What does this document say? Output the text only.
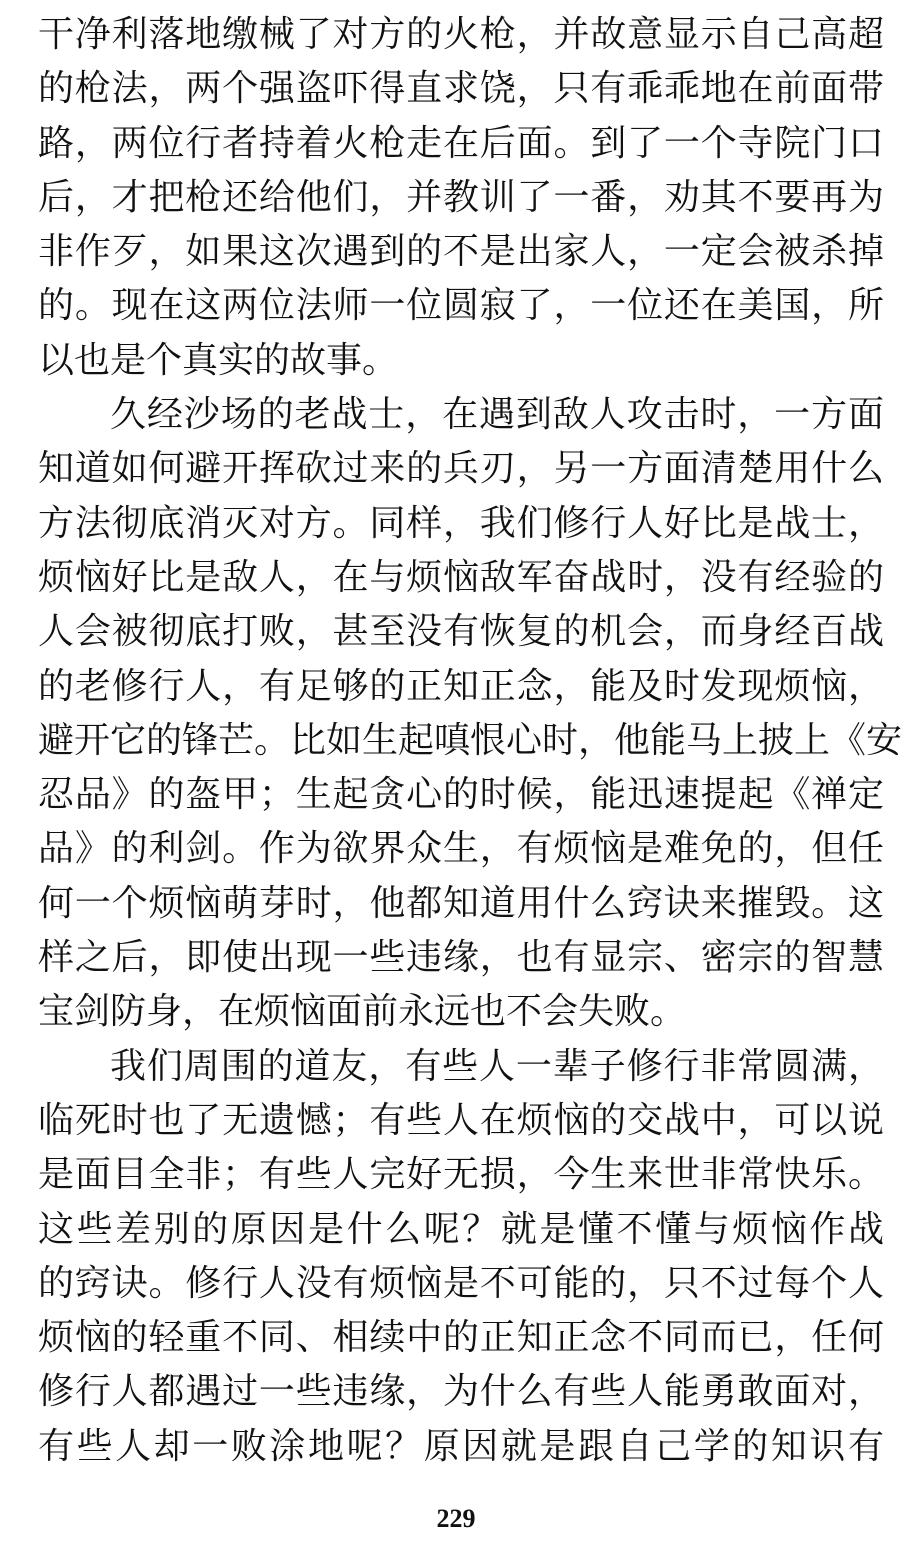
干净利落地缴械了对方的火枪，并故意显示自己高超
的枪法，两个强盗吓得直求饶，只有乖乖地在前面带
路，两位行者持着火枪走在后面。到了一个寺院门口
后，才把枪还给他们，并教训了一番，劝其不要再为
非作歹，如果这次遇到的不是出家人，一定会被杀掉
的。现在这两位法师一位圆寂了，一位还在美国，所
以也是个真实的故事。
久经沙场的老战士，在遇到敌人攻击时，一方面
知道如何避开挥砍过来的兵刃，另一方面清楚用什么
方法彻底消灭对方。同样，我们修行人好比是战士，
烦恼好比是敌人，在与烦恼敌军奋战时，没有经验的
人会被彻底打败，甚至没有恢复的机会，而身经百战
的老修行人，有足够的正知正念，能及时发现烦恼，
避开它的锋芒。比如生起嗔恨心时，他能马上披上《安
忍品》的盔甲；生起贪心的时候，能迅速提起《禅定
品》的利剑。作为欲界众生，有烦恼是难免的，但任
何一个烦恼萌芽时，他都知道用什么窍诀来摧毁。这
样之后，即使出现一些违缘，也有显宗、密宗的智慧
宝剑防身，在烦恼面前永远也不会失败。
我们周围的道友，有些人一辈子修行非常圆满，
临死时也了无遗憾；有些人在烦恼的交战中，可以说
是面目全非；有些人完好无损，今生来世非常快乐。
这些差别的原因是什么呢？就是懂不懂与烦恼作战
的窍诀。修行人没有烦恼是不可能的，只不过每个人
烦恼的轻重不同、相续中的正知正念不同而已，任何
修行人都遇过一些违缘，为什么有些人能勇敢面对，
有些人却一败涂地呢？原因就是跟自己学的知识有
229
